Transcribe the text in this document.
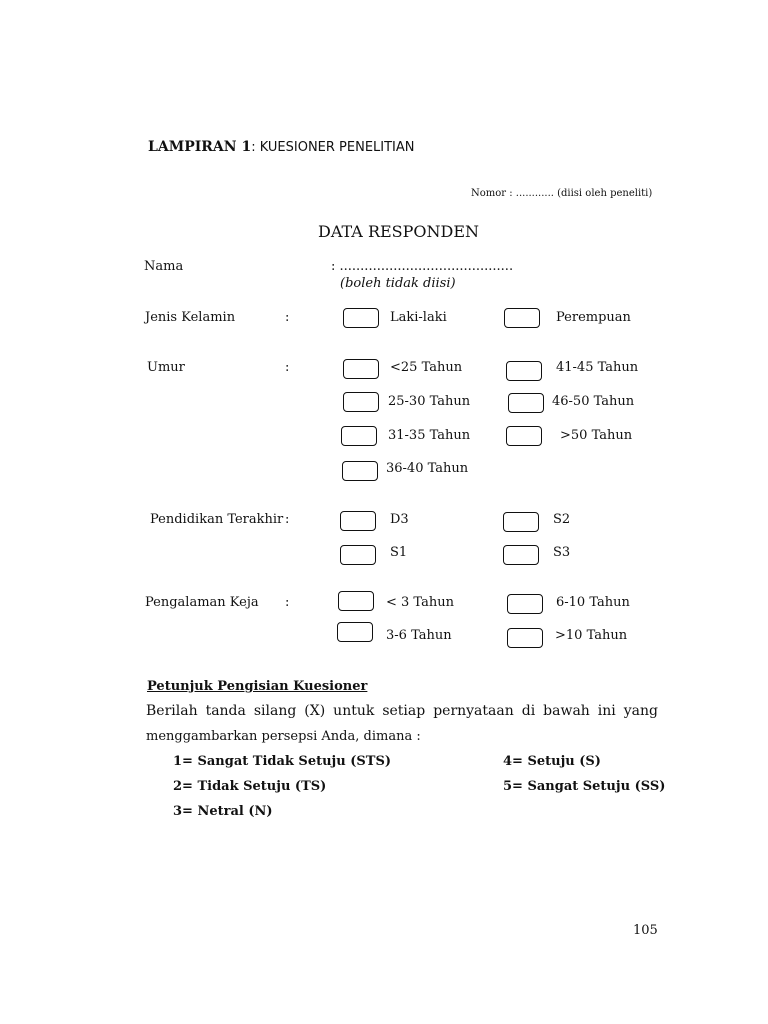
LAMPIRAN 1: KUESIONER PENELITIAN
Nomor : ............ (diisi oleh peneliti)
DATA RESPONDEN
Nama	: ..........................................
(boleh tidak diisi)
Jenis Kelamin	:	Laki-laki	Perempuan
Umur	:	<25 Tahun	41-45 Tahun
25-30 Tahun	46-50 Tahun
31-35 Tahun	>50 Tahun
36-40 Tahun
Pendidikan Terakhir :	D3	S2
S1	S3
Pengalaman Keja :	< 3 Tahun	6-10 Tahun
3-6 Tahun	>10 Tahun
Petunjuk Pengisian Kuesioner
Berilah tanda silang (X) untuk setiap pernyataan di bawah ini yang
menggambarkan persepsi Anda, dimana :
1= Sangat Tidak Setuju (STS)	4= Setuju (S)
2= Tidak Setuju (TS)	5= Sangat Setuju (SS)
3= Netral (N)
105
